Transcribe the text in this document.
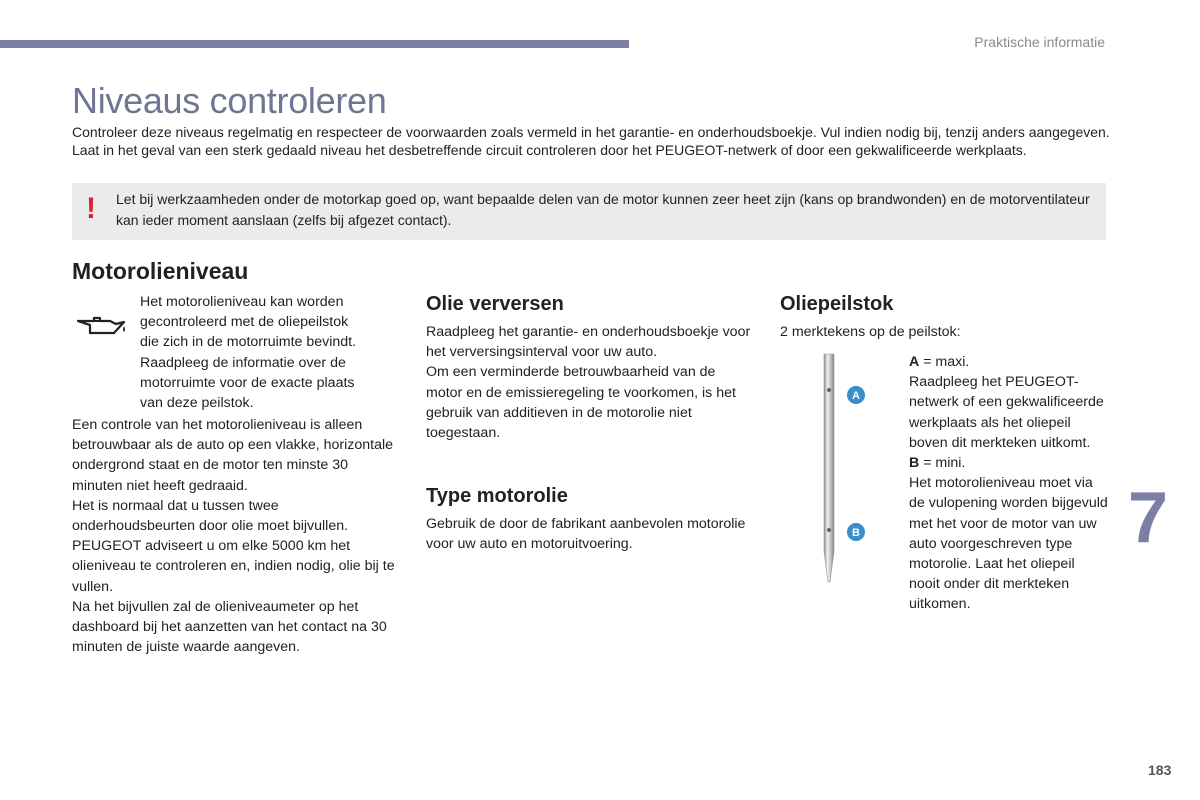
Praktische informatie
Niveaus controleren

Controleer deze niveaus regelmatig en respecteer de voorwaarden zoals vermeld in het garantie- en onderhoudsboekje. Vul indien nodig bij, tenzij anders aangegeven.

Laat in het geval van een sterk gedaald niveau het desbetreffende circuit controleren door het PEUGEOT-netwerk of door een gekwalificeerde werkplaats.

! Let bij werkzaamheden onder de motorkap goed op, want bepaalde delen van de motor kunnen zeer heet zijn (kans op brandwonden) en de motorventilateur kan ieder moment aanslaan (zelfs bij afgezet contact).
Motorolieniveau

Het motorolieniveau kan worden

gecontroleerd met de oliepeilstok

die zich in de motorruimte bevindt.

Raadpleeg de informatie over de

motorruimte voor de exacte plaats

van deze peilstok.

Een controle van het motorolieniveau is alleen betrouwbaar als de auto op een vlakke, horizontale ondergrond staat en de motor ten minste 30 minuten niet heeft gedraaid.

Het is normaal dat u tussen twee onderhoudsbeurten door olie moet bijvullen. PEUGEOT adviseert u om elke 5000 km het olieniveau te controleren en, indien nodig, olie bij te vullen.

Na het bijvullen zal de olieniveaumeter op het dashboard bij het aanzetten van het contact na 30 minuten de juiste waarde aangeven.

Olie verversen

Raadpleeg het garantie- en onderhoudsboekje voor het verversingsinterval voor uw auto.

Om een verminderde betrouwbaarheid van de motor en de emissieregeling te voorkomen, is het gebruik van additieven in de motorolie niet toegestaan.

Type motorolie

Gebruik de door de fabrikant aanbevolen motorolie voor uw auto en motoruitvoering.

Oliepeilstok
2 merktekens op de peilstok:
A
B

A = maxi.

Raadpleeg het PEUGEOT-netwerk of een gekwalificeerde werkplaats als het oliepeil boven dit merkteken uitkomt.

B = mini.

Het motorolieniveau moet via de vulopening worden bijgevuld met het voor de motor van uw auto voorgeschreven type motorolie. Laat het oliepeil nooit onder dit merkteken uitkomen.

7
183
